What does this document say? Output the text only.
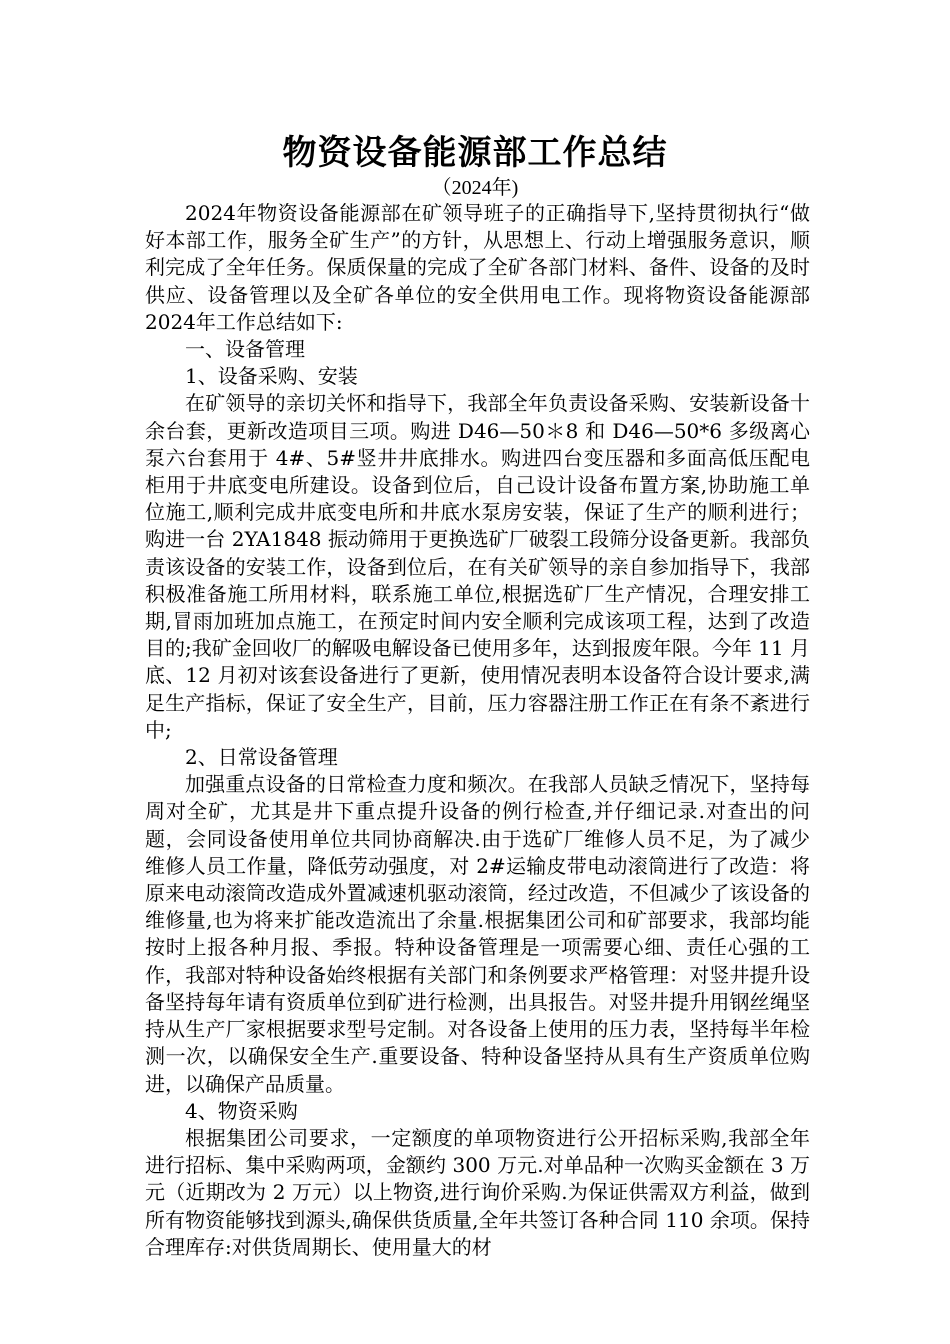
物资设备能源部工作总结
（2024年)

2024年物资设备能源部在矿领导班子的正确指导下,坚持贯彻执行“做好本部工作，服务全矿生产”的方针，从思想上、行动上增强服务意识，顺利完成了全年任务。保质保量的完成了全矿各部门材料、备件、设备的及时供应、设备管理以及全矿各单位的安全供用电工作。现将物资设备能源部2024年工作总结如下:

一、设备管理

1、设备采购、安装

在矿领导的亲切关怀和指导下，我部全年负责设备采购、安装新设备十余台套，更新改造项目三项。购进 D46—50＊8 和 D46—50*6 多级离心泵六台套用于 4#、5#竖井井底排水。购进四台变压器和多面高低压配电柜用于井底变电所建设。设备到位后，自己设计设备布置方案,协助施工单位施工,顺利完成井底变电所和井底水泵房安装，保证了生产的顺利进行；购进一台 2YA1848 振动筛用于更换选矿厂破裂工段筛分设备更新。我部负责该设备的安装工作，设备到位后，在有关矿领导的亲自参加指导下，我部积极准备施工所用材料，联系施工单位,根据选矿厂生产情况，合理安排工期,冒雨加班加点施工，在预定时间内安全顺利完成该项工程，达到了改造目的;我矿金回收厂的解吸电解设备已使用多年，达到报废年限。今年 11 月底、12 月初对该套设备进行了更新，使用情况表明本设备符合设计要求,满足生产指标，保证了安全生产，目前，压力容器注册工作正在有条不紊进行中;

2、日常设备管理

加强重点设备的日常检查力度和频次。在我部人员缺乏情况下，坚持每周对全矿，尤其是井下重点提升设备的例行检查,并仔细记录.对查出的问题，会同设备使用单位共同协商解决.由于选矿厂维修人员不足，为了减少维修人员工作量，降低劳动强度，对 2#运输皮带电动滚筒进行了改造：将原来电动滚筒改造成外置减速机驱动滚筒，经过改造，不但减少了该设备的维修量,也为将来扩能改造流出了余量.根据集团公司和矿部要求，我部均能按时上报各种月报、季报。特种设备管理是一项需要心细、责任心强的工作，我部对特种设备始终根据有关部门和条例要求严格管理：对竖井提升设备坚持每年请有资质单位到矿进行检测，出具报告。对竖井提升用钢丝绳坚持从生产厂家根据要求型号定制。对各设备上使用的压力表，坚持每半年检测一次，以确保安全生产.重要设备、特种设备坚持从具有生产资质单位购进，以确保产品质量。

4、物资采购

根据集团公司要求，一定额度的单项物资进行公开招标采购,我部全年进行招标、集中采购两项，金额约 300 万元.对单品种一次购买金额在 3 万元（近期改为 2 万元）以上物资,进行询价采购.为保证供需双方利益，做到所有物资能够找到源头,确保供货质量,全年共签订各种合同 110 余项。保持合理库存:对供货周期长、使用量大的材
